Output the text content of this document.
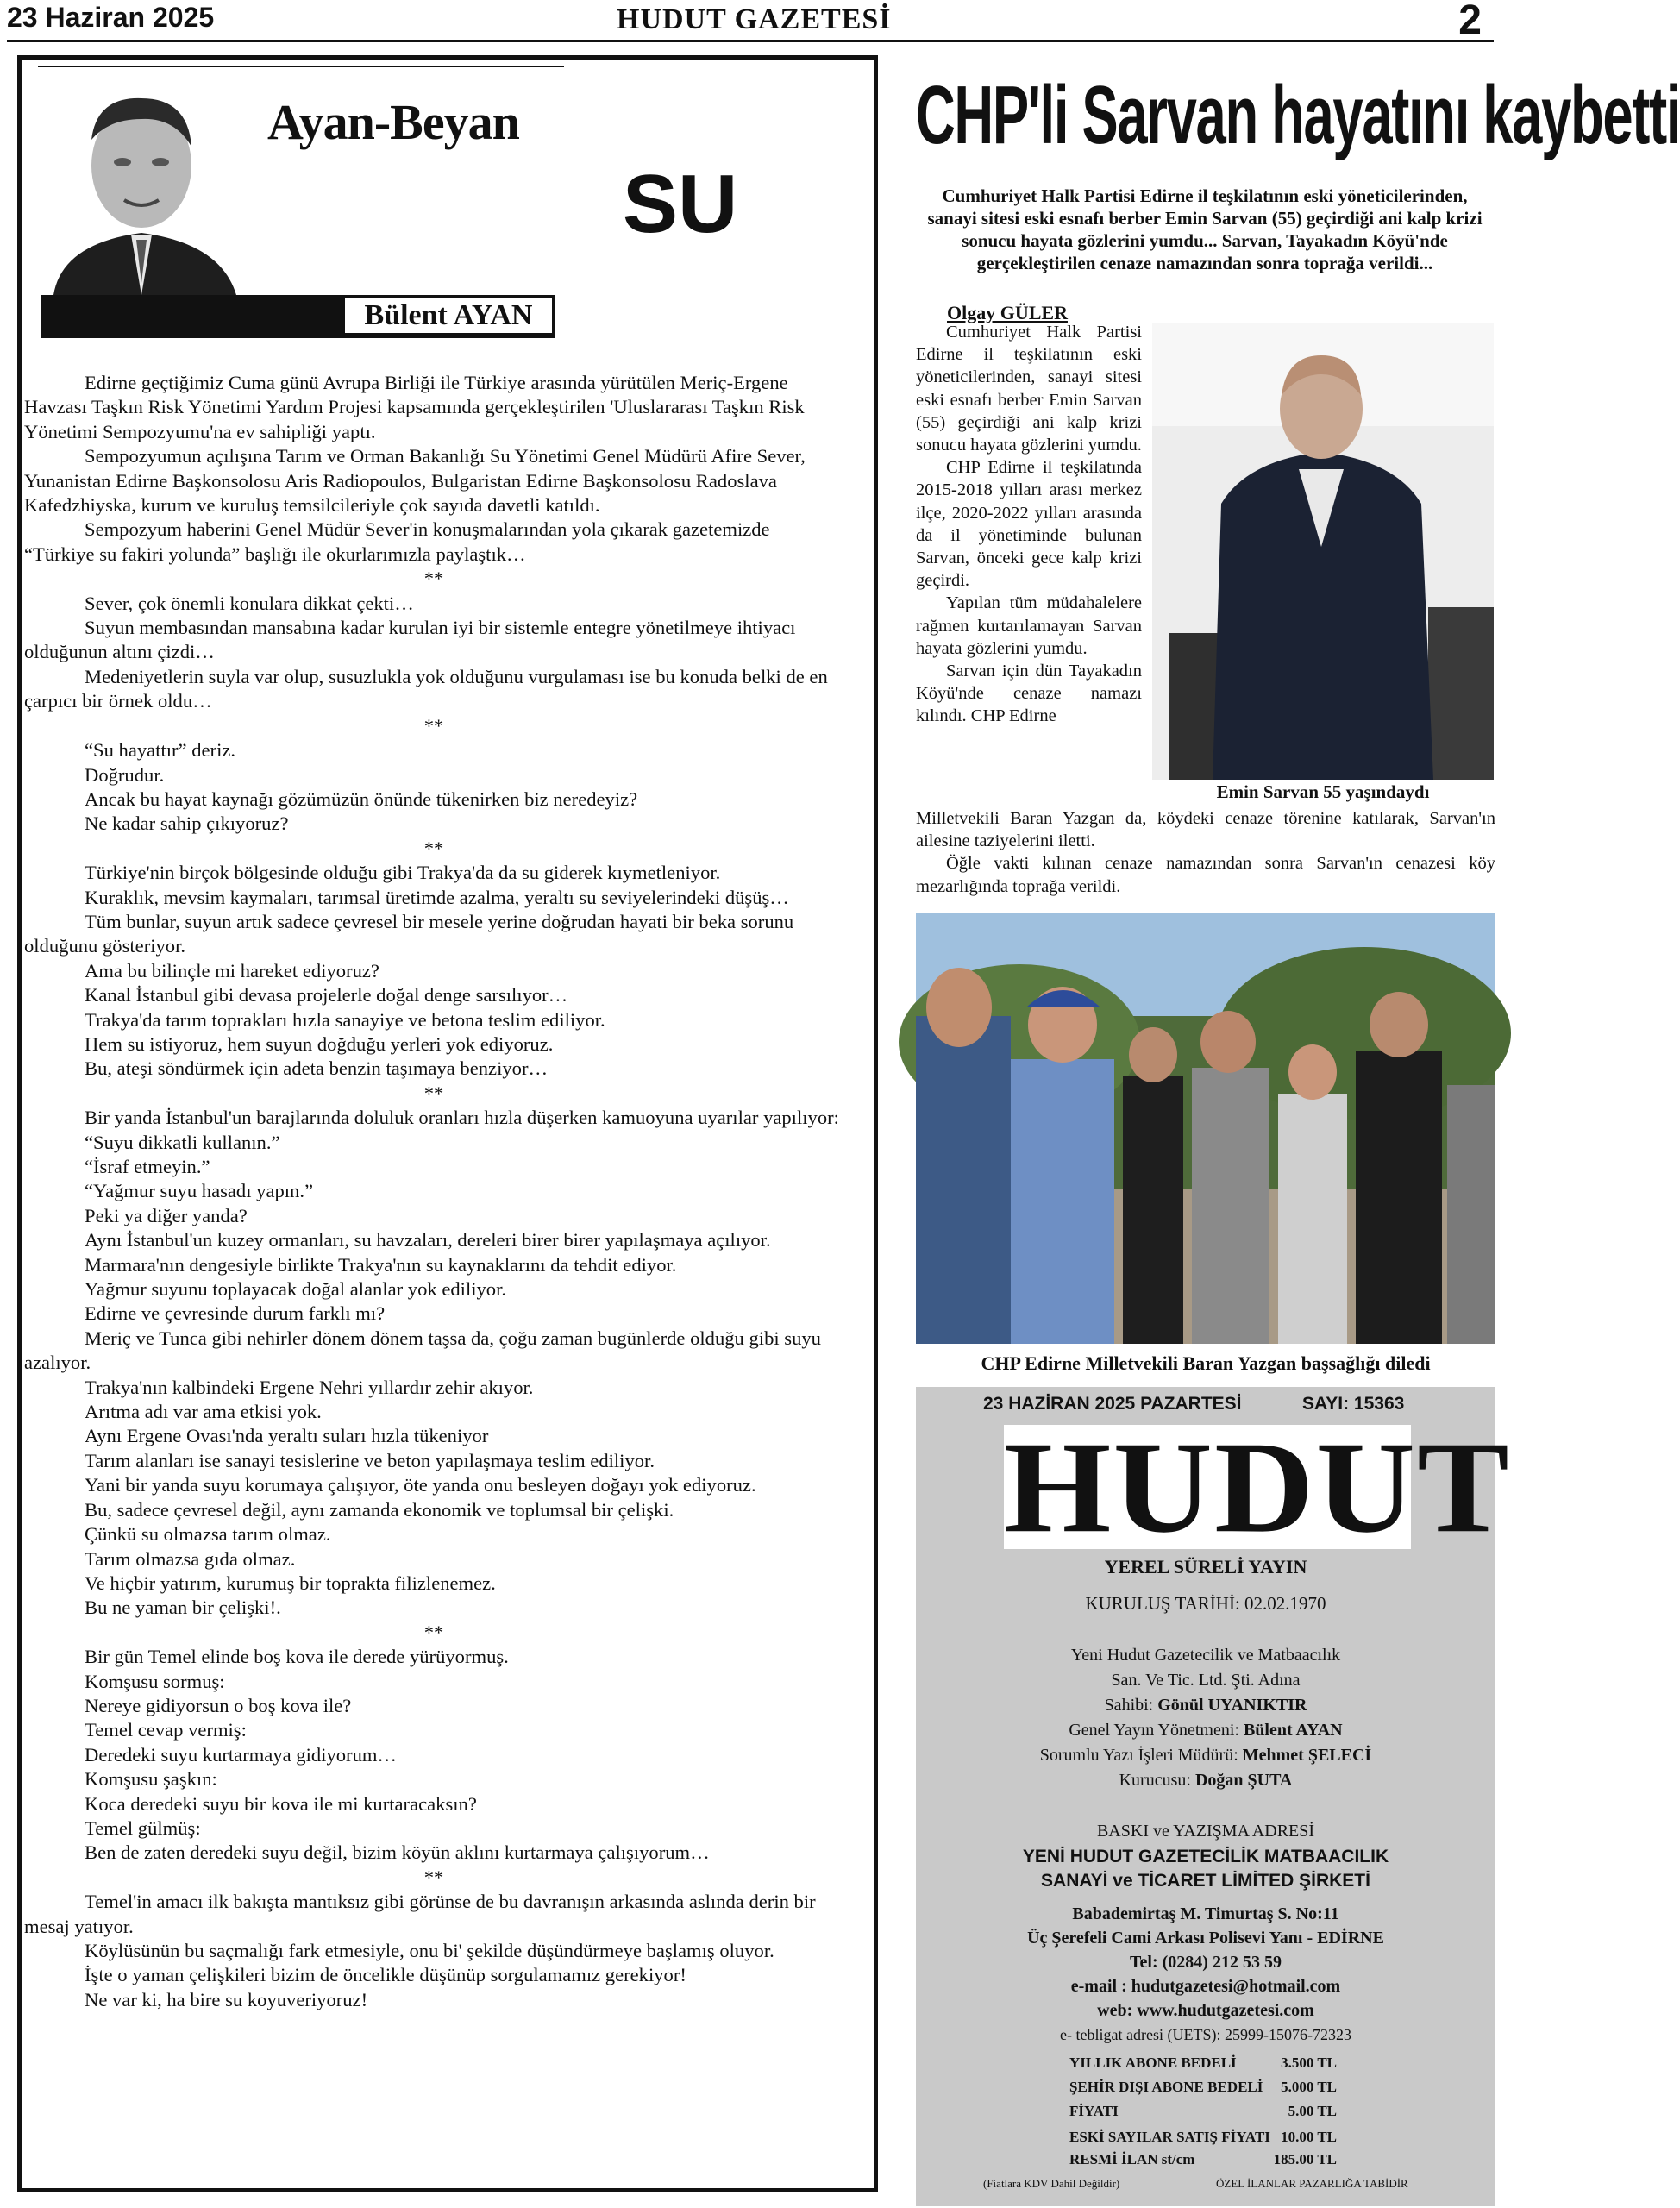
23 Haziran 2025	HUDUT GAZETESİ	2
Ayan-Beyan
Bülent AYAN
SU

Edirne geçtiğimiz Cuma günü Avrupa Birliği ile Türkiye arasında yürütülen Meriç-Ergene Havzası Taşkın Risk Yönetimi Yardım Projesi kapsamında gerçekleştirilen 'Uluslararası Taşkın Risk Yönetimi Sempozyumu'na ev sahipliği yaptı.

Sempozyumun açılışına Tarım ve Orman Bakanlığı Su Yönetimi Genel Müdürü Afire Sever, Yunanistan Edirne Başkonsolosu Aris Radiopoulos, Bulgaristan Edirne Başkonsolosu Radoslava Kafedzhiyska, kurum ve kuruluş temsilcileriyle çok sayıda davetli katıldı.

Sempozyum haberini Genel Müdür Sever'in konuşmalarından yola çıkarak gazetemizde “Türkiye su fakiri yolunda” başlığı ile okurlarımızla paylaştık…

**

Sever, çok önemli konulara dikkat çekti…

Suyun membasından mansabına kadar kurulan iyi bir sistemle entegre yönetilmeye ihtiyacı olduğunun altını çizdi…

Medeniyetlerin suyla var olup, susuzlukla yok olduğunu vurgulaması ise bu konuda belki de en çarpıcı bir örnek oldu…

**

“Su hayattır” deriz.

Doğrudur.

Ancak bu hayat kaynağı gözümüzün önünde tükenirken biz neredeyiz?

Ne kadar sahip çıkıyoruz?

**

Türkiye'nin birçok bölgesinde olduğu gibi Trakya'da da su giderek kıymetleniyor.

Kuraklık, mevsim kaymaları, tarımsal üretimde azalma, yeraltı su seviyelerindeki düşüş…

Tüm bunlar, suyun artık sadece çevresel bir mesele yerine doğrudan hayati bir beka sorunu olduğunu gösteriyor.

Ama bu bilinçle mi hareket ediyoruz?

Kanal İstanbul gibi devasa projelerle doğal denge sarsılıyor…

Trakya'da tarım toprakları hızla sanayiye ve betona teslim ediliyor.

Hem su istiyoruz, hem suyun doğduğu yerleri yok ediyoruz.

Bu, ateşi söndürmek için adeta benzin taşımaya benziyor…

**

Bir yanda İstanbul'un barajlarında doluluk oranları hızla düşerken kamuoyuna uyarılar yapılıyor:

“Suyu dikkatli kullanın.”

“İsraf etmeyin.”

“Yağmur suyu hasadı yapın.”

Peki ya diğer yanda?

Aynı İstanbul'un kuzey ormanları, su havzaları, dereleri birer birer yapılaşmaya açılıyor.

Marmara'nın dengesiyle birlikte Trakya'nın su kaynaklarını da tehdit ediyor.

Yağmur suyunu toplayacak doğal alanlar yok ediliyor.

Edirne ve çevresinde durum farklı mı?

Meriç ve Tunca gibi nehirler dönem dönem taşsa da, çoğu zaman bugünlerde olduğu gibi suyu azalıyor.

Trakya'nın kalbindeki Ergene Nehri yıllardır zehir akıyor.

Arıtma adı var ama etkisi yok.

Aynı Ergene Ovası'nda yeraltı suları hızla tükeniyor

Tarım alanları ise sanayi tesislerine ve beton yapılaşmaya teslim ediliyor.

Yani bir yanda suyu korumaya çalışıyor, öte yanda onu besleyen doğayı yok ediyoruz.

Bu, sadece çevresel değil, aynı zamanda ekonomik ve toplumsal bir çelişki.

Çünkü su olmazsa tarım olmaz.

Tarım olmazsa gıda olmaz.

Ve hiçbir yatırım, kurumuş bir toprakta filizlenemez.

Bu ne yaman bir çelişki!.

**

Bir gün Temel elinde boş kova ile derede yürüyormuş.

Komşusu sormuş:

Nereye gidiyorsun o boş kova ile?

Temel cevap vermiş:

Deredeki suyu kurtarmaya gidiyorum…

Komşusu şaşkın:

Koca deredeki suyu bir kova ile mi kurtaracaksın?

Temel gülmüş:

Ben de zaten deredeki suyu değil, bizim köyün aklını kurtarmaya çalışıyorum…

**

Temel'in amacı ilk bakışta mantıksız gibi görünse de bu davranışın arkasında aslında derin bir mesaj yatıyor.

Köylüsünün bu saçmalığı fark etmesiyle, onu bi' şekilde düşündürmeye başlamış oluyor.

İşte o yaman çelişkileri bizim de öncelikle düşünüp sorgulamamız gerekiyor!

Ne var ki, ha bire su koyuveriyoruz!

CHP'li Sarvan hayatını kaybetti
Cumhuriyet Halk Partisi Edirne il teşkilatının eski yöneticilerinden, sanayi sitesi eski esnafı berber Emin Sarvan (55) geçirdiği ani kalp krizi sonucu hayata gözlerini yumdu... Sarvan, Tayakadın Köyü'nde gerçekleştirilen cenaze namazından sonra toprağa verildi...
Olgay GÜLER

Cumhuriyet Halk Partisi Edirne il teşkilatının eski yöneticilerinden, sanayi sitesi eski esnafı berber Emin Sarvan (55) geçirdiği ani kalp krizi sonucu hayata gözlerini yumdu.

CHP Edirne il teşkilatında 2015-2018 yılları arası merkez ilçe, 2020-2022 yılları arasında da il yönetiminde bulunan Sarvan, önceki gece kalp krizi geçirdi.

Yapılan tüm müdahalelere rağmen kurtarılamayan Sarvan hayata gözlerini yumdu.

Sarvan için dün Tayakadın Köyü'nde cenaze namazı kılındı. CHP Edirne

Emin Sarvan 55 yaşındaydı

Milletvekili Baran Yazgan da, köydeki cenaze törenine katılarak, Sarvan'ın ailesine taziyelerini iletti.

Öğle vakti kılınan cenaze namazından sonra Sarvan'ın cenazesi köy mezarlığında toprağa verildi.

CHP Edirne Milletvekili Baran Yazgan başsağlığı diledi
23 HAZİRAN 2025 PAZARTESİ	SAYI: 15363
HUDUT
YEREL SÜRELİ YAYIN
KURULUŞ TARİHİ: 02.02.1970
Yeni Hudut Gazetecilik ve Matbaacılık
San. Ve Tic. Ltd. Şti. Adına
Sahibi: Gönül UYANIKTIR
Genel Yayın Yönetmeni: Bülent AYAN
Sorumlu Yazı İşleri Müdürü: Mehmet ŞELECİ
Kurucusu: Doğan ŞUTA
BASKI ve YAZIŞMA ADRESİ
YENİ HUDUT GAZETECİLİK MATBAACILIK
SANAYİ ve TİCARET LİMİTED ŞİRKETİ
Babademirtaş M. Timurtaş S. No:11
Üç Şerefeli Cami Arkası Polisevi Yanı - EDİRNE
Tel: (0284) 212 53 59
e-mail : hudutgazetesi@hotmail.com
web: www.hudutgazetesi.com
e- tebligat adresi (UETS): 25999-15076-72323
YILLIK ABONE BEDELİ	3.500 TL
ŞEHİR DIŞI ABONE BEDELİ	5.000 TL
FİYATI	5.00 TL
ESKİ SAYILAR SATIŞ FİYATI 10.00 TL
RESMİ İLAN st/cm	185.00 TL
(Fiatlara KDV Dahil Değildir)	ÖZEL İLANLAR PAZARLIĞA TABİDİR
